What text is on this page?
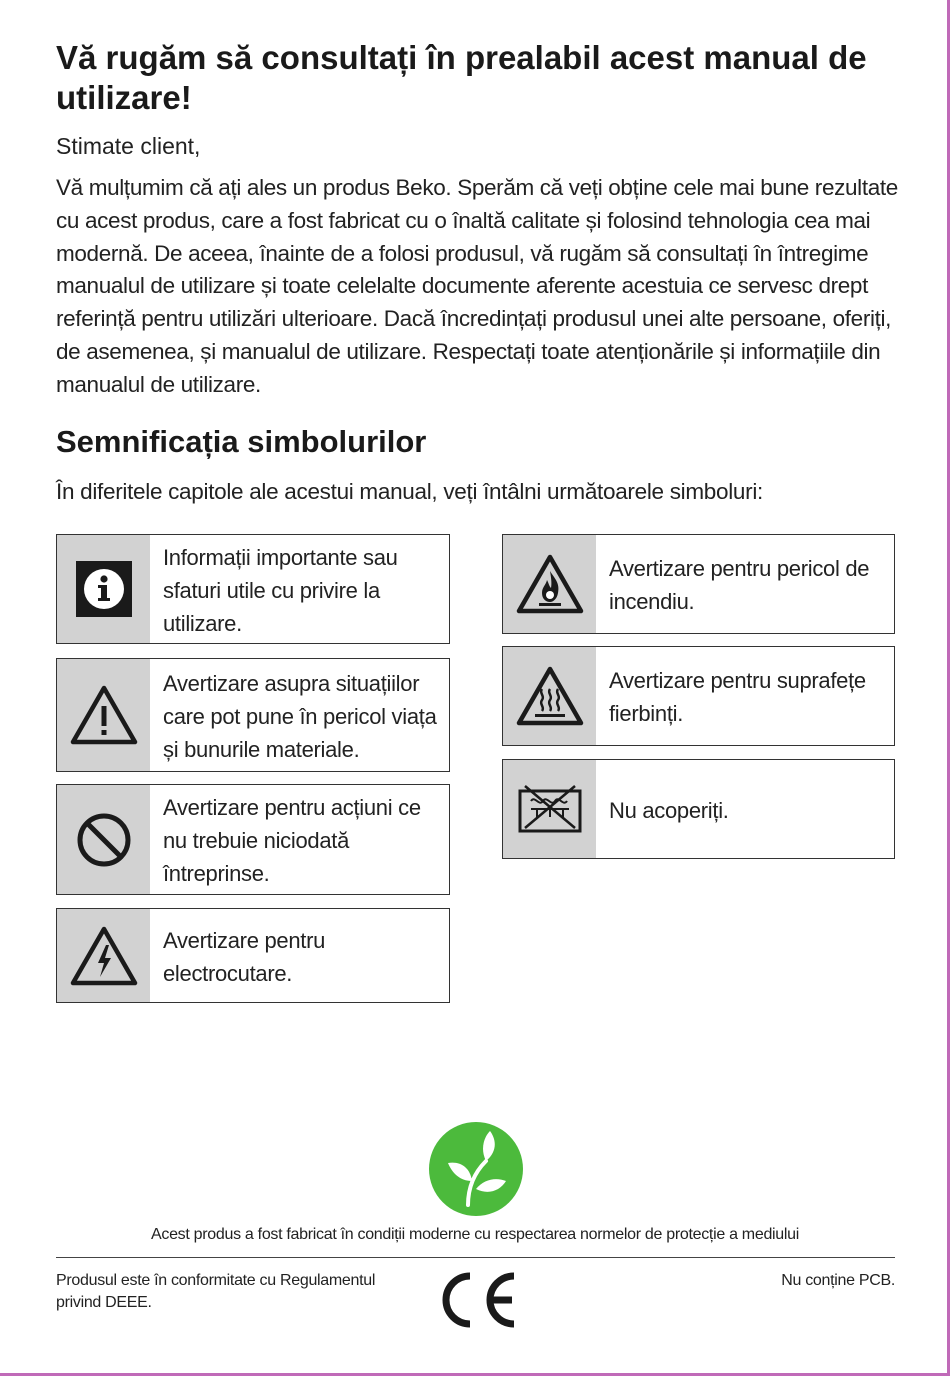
Vă rugăm să consultați în prealabil acest manual de utilizare!

Stimate client,

Vă mulțumim că ați ales un produs Beko. Sperăm că veți obține cele mai bune rezultate cu acest produs, care a fost fabricat cu o înaltă calitate și folosind tehnologia cea mai modernă. De aceea, înainte de a folosi produsul, vă rugăm să consultați în întregime manualul de utilizare și toate celelalte documente aferente acestuia ce servesc drept referință pentru utilizări ulterioare. Dacă încredințați produsul unei alte persoane, oferiți, de asemenea, și manualul de utilizare. Respectați toate atenționările și informațiile din manualul de utilizare.

Semnificația simbolurilor

În diferitele capitole ale acestui manual, veți întâlni următoarele simboluri:

Informații importante sau sfaturi utile cu privire la utilizare.
Avertizare asupra situațiilor care pot pune în pericol viața și bunurile materiale.
Avertizare pentru acțiuni ce nu trebuie niciodată întreprinse.
Avertizare pentru electrocutare.
Avertizare pentru pericol de incendiu.
Avertizare pentru suprafețe fierbinți.
Nu acoperiți.

Acest produs a fost fabricat în condiții moderne cu respectarea normelor de protecție a mediului

Produsul este în conformitate cu Regulamentul privind DEEE.

Nu conține PCB.
